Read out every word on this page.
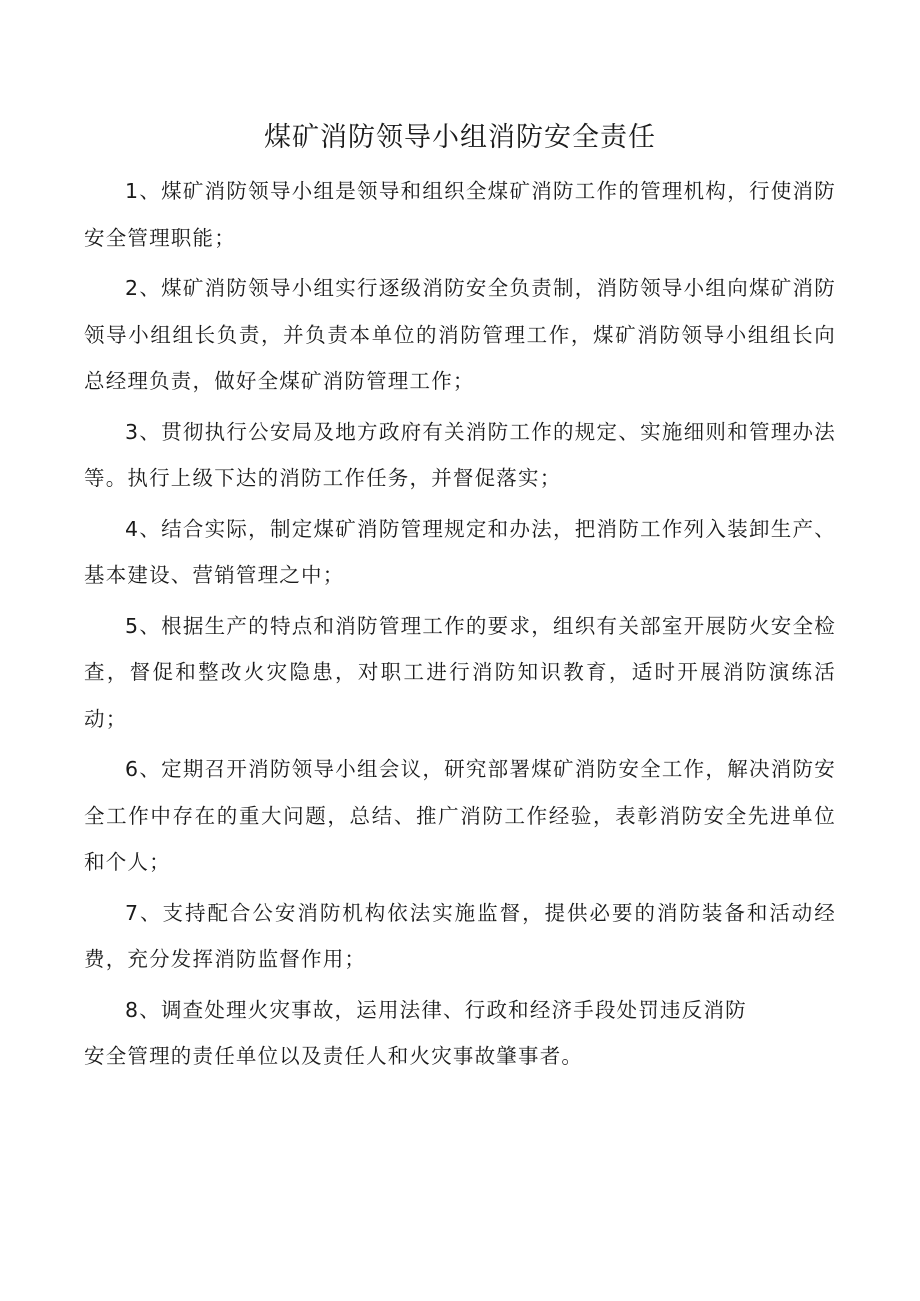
煤矿消防领导小组消防安全责任

1、煤矿消防领导小组是领导和组织全煤矿消防工作的管理机构，行使消防安全管理职能；

2、煤矿消防领导小组实行逐级消防安全负责制，消防领导小组向煤矿消防领导小组组长负责，并负责本单位的消防管理工作，煤矿消防领导小组组长向总经理负责，做好全煤矿消防管理工作；

3、贯彻执行公安局及地方政府有关消防工作的规定、实施细则和管理办法等。执行上级下达的消防工作任务，并督促落实；

4、结合实际，制定煤矿消防管理规定和办法，把消防工作列入装卸生产、基本建设、营销管理之中；

5、根据生产的特点和消防管理工作的要求，组织有关部室开展防火安全检查，督促和整改火灾隐患，对职工进行消防知识教育，适时开展消防演练活动；

6、定期召开消防领导小组会议，研究部署煤矿消防安全工作，解决消防安全工作中存在的重大问题，总结、推广消防工作经验，表彰消防安全先进单位和个人；

7、支持配合公安消防机构依法实施监督，提供必要的消防装备和活动经费，充分发挥消防监督作用；

8、调查处理火灾事故，运用法律、行政和经济手段处罚违反消防
安全管理的责任单位以及责任人和火灾事故肇事者。
